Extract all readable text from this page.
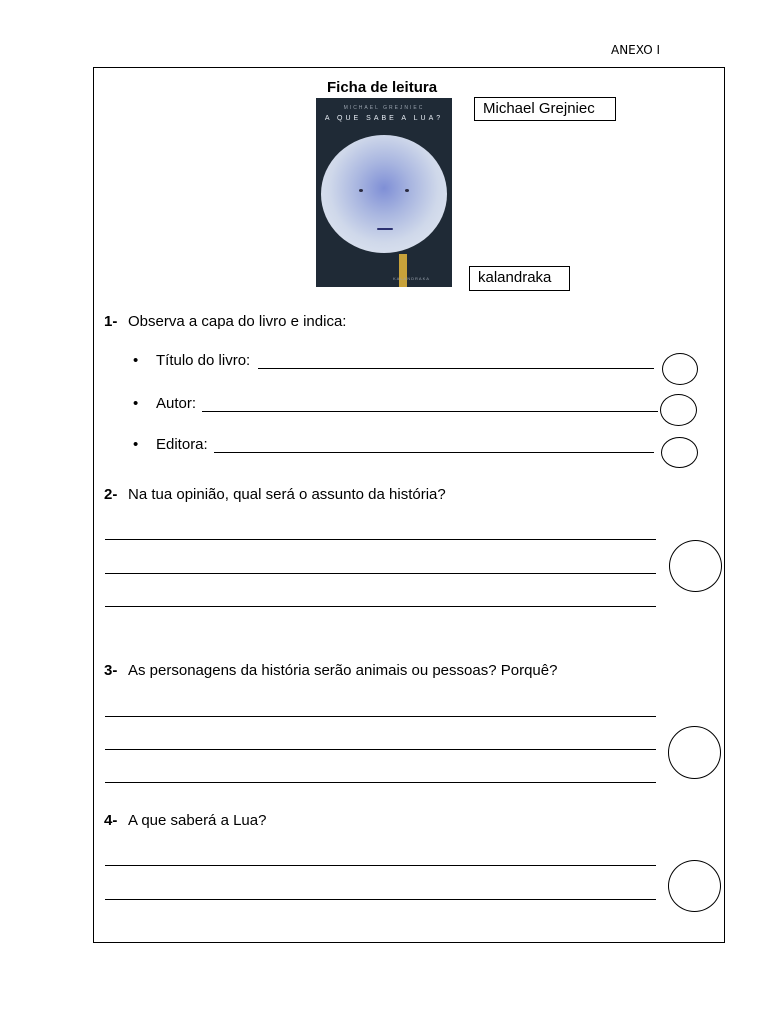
ANEXO I
Ficha de leitura
MICHAEL GREJNIEC
A QUE SABE A LUA?
KALANDRAKA
Michael Grejniec
kalandraka
1- Observa a capa do livro e indica:
• Título do livro:
• Autor:
• Editora:
2- Na tua opinião, qual será o assunto da história?
3- As personagens da história serão animais ou pessoas? Porquê?
4- A que saberá a Lua?
